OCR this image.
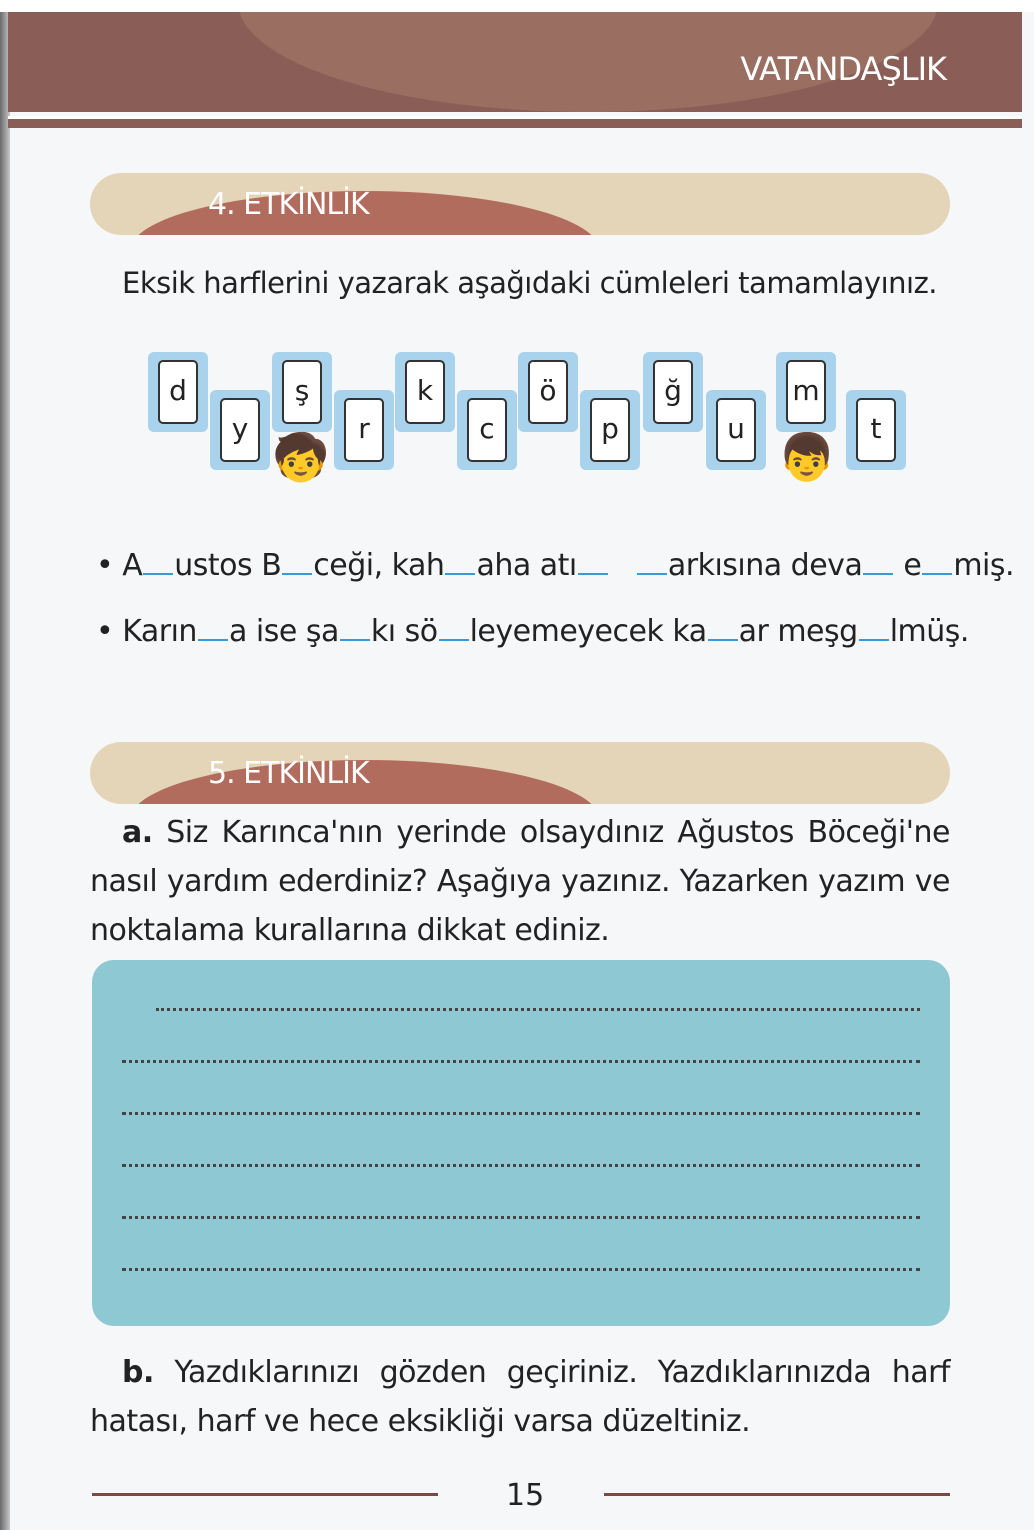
VATANDAŞLIK
4. ETKİNLİK
Eksik harflerini yazarak aşağıdaki cümleleri tamamlayınız.
d
y
ş
r
k
c
ö
p
ğ
u
m
t
🧒	👦
• A ustos B ceği, kah aha atı	arkısına deva e miş.
• Karın a ise şa kı sö leyemeyecek ka ar meşg lmüş.
5. ETKİNLİK
a. Siz Karınca'nın yerinde olsaydınız Ağustos Böceği'ne nasıl yardım ederdiniz? Aşağıya yazınız. Yazarken yazım ve noktalama kurallarına dikkat ediniz.
b. Yazdıklarınızı gözden geçiriniz. Yazdıklarınızda harf hatası, harf ve hece eksikliği varsa düzeltiniz.
15
